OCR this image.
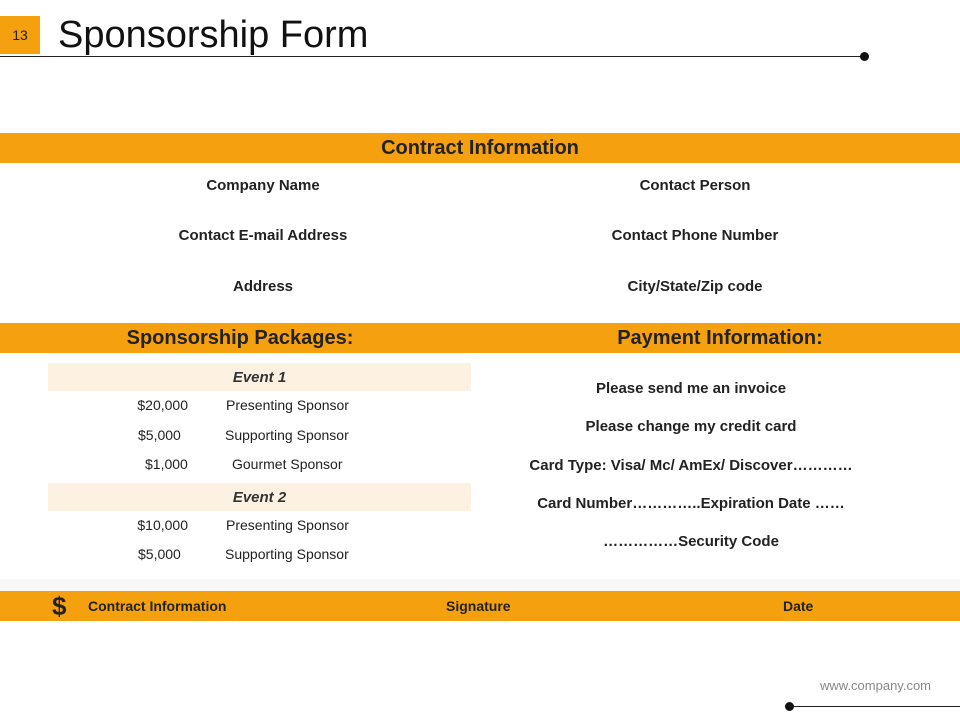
13 Sponsorship Form
Contract Information
Company Name	Contact Person
Contact E-mail Address	Contact Phone Number
Address	City/State/Zip code
Sponsorship Packages:	Payment Information:
Event 1
$20,000	Presenting Sponsor
$5,000	Supporting Sponsor
$1,000	Gourmet Sponsor
Event 2
$10,000	Presenting Sponsor
$5,000	Supporting Sponsor
Please send me an invoice
Please change my credit card
Card Type: Visa/ Mc/ AmEx/ Discover…………
Card Number…………..Expiration Date ……
……………Security Code
$ Contract Information	Signature	Date
www.company.com
